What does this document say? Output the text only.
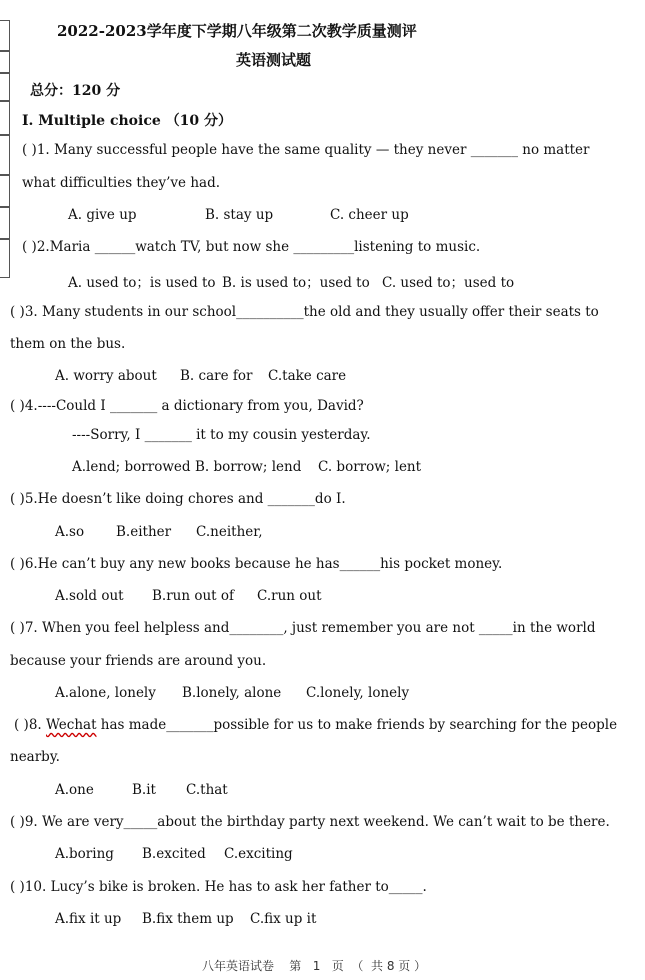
2022-2023学年度下学期八年级第二次教学质量测评
英语测试题
总分：120 分
I. Multiple choice （10 分）
( )1. Many successful people have the same quality — they never _______ no matter
what difficulties they’ve had.
A. give up	B. stay up	C. cheer up
( )2.Maria ______watch TV, but now she _________listening to music.
A. used to；is used to B. is used to；used to C. used to；used to
( )3. Many students in our school__________the old and they usually offer their seats to
them on the bus.
A. worry about B. care for C.take care
( )4.----Could I _______ a dictionary from you, David?
----Sorry, I _______ it to my cousin yesterday.
A.lend; borrowed B. borrow; lend C. borrow; lent
( )5.He doesn’t like doing chores and _______do I.
A.so B.either C.neither,
( )6.He can’t buy any new books because he has______his pocket money.
A.sold out B.run out of C.run out
( )7. When you feel helpless and________, just remember you are not _____in the world
because your friends are around you.
A.alone, lonely B.lonely, alone C.lonely, lonely
( )8. Wechat has made_______possible for us to make friends by searching for the people
nearby.
A.one	B.it C.that
( )9. We are very_____about the birthday party next weekend. We can’t wait to be there.
A.boring B.excited C.exciting
( )10. Lucy’s bike is broken. He has to ask her father to_____.
A.fix it up B.fix them up C.fix up it
八年英语试卷    第   1   页  （  共 8 页 ）
